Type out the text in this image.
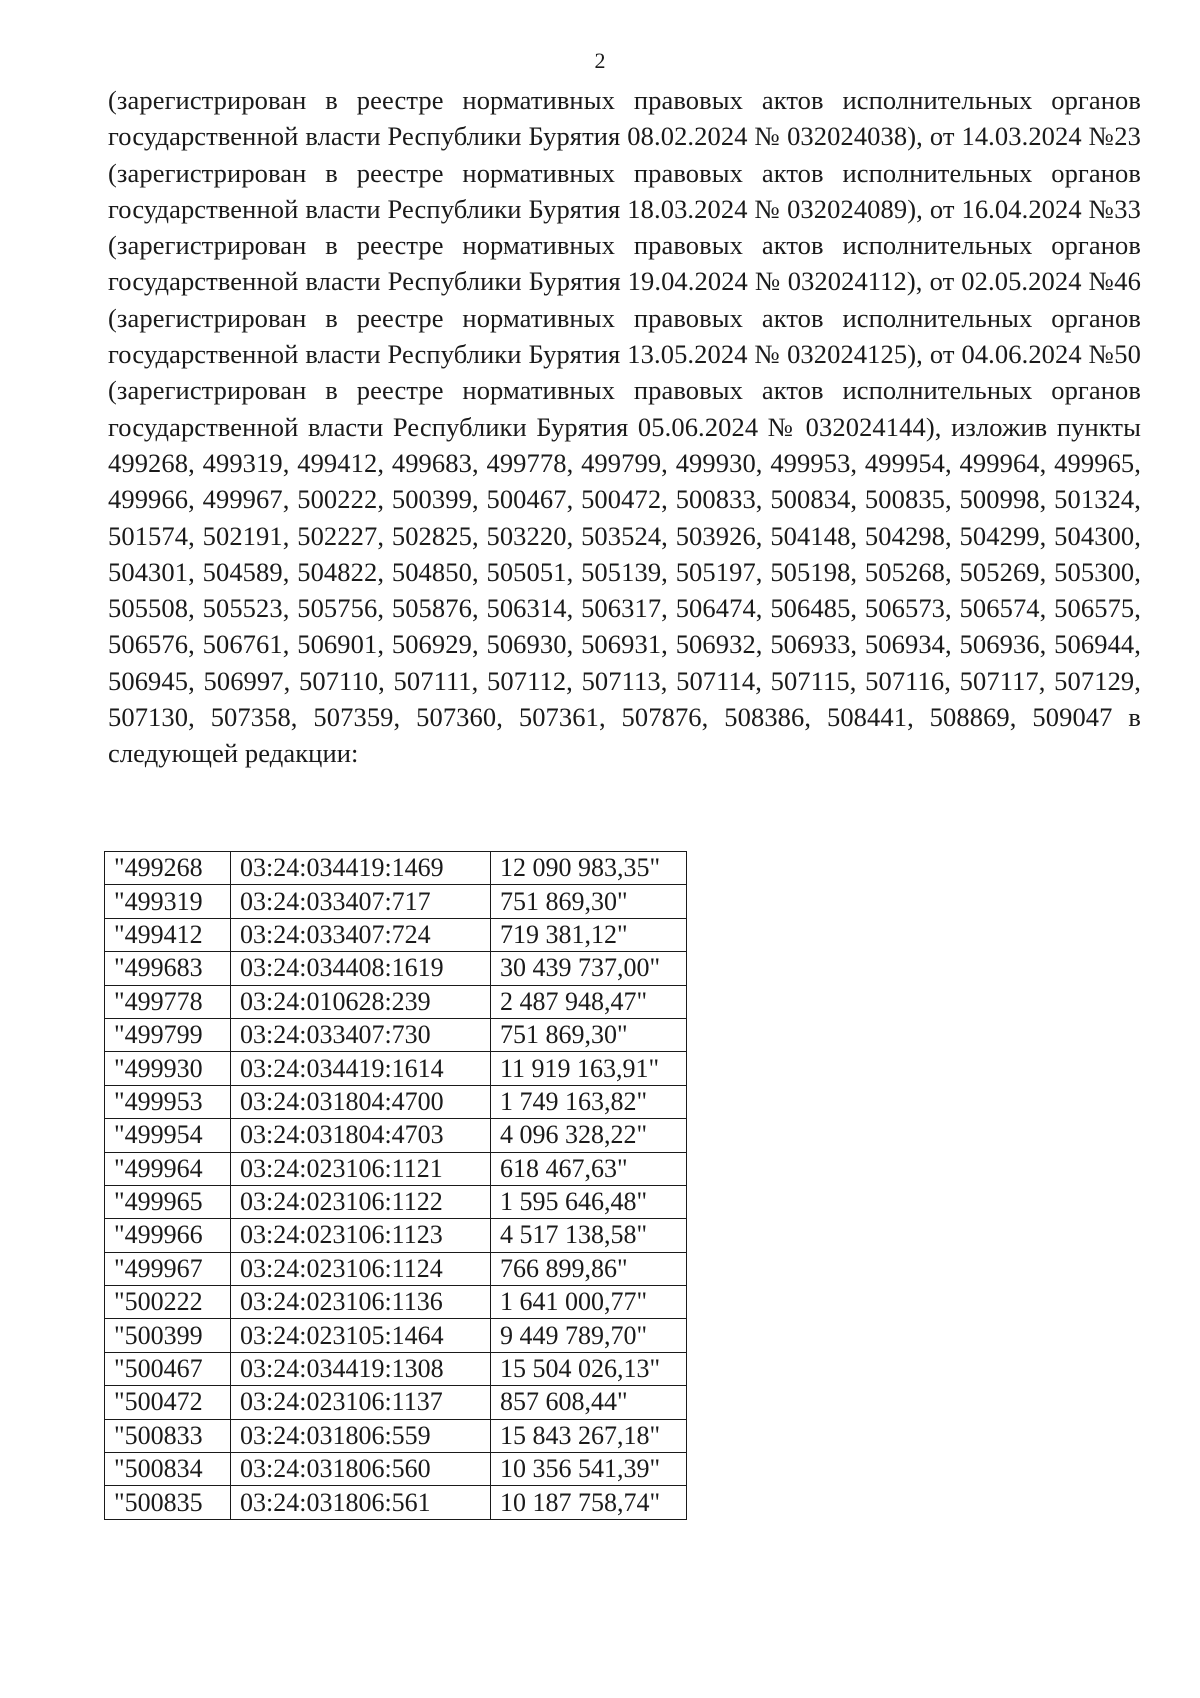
2

(зарегистрирован в реестре нормативных правовых актов исполнительных органов государственной власти Республики Бурятия 08.02.2024 № 032024038), от 14.03.2024 №23 (зарегистрирован в реестре нормативных правовых актов исполнительных органов государственной власти Республики Бурятия 18.03.2024 № 032024089), от 16.04.2024 №33 (зарегистрирован в реестре нормативных правовых актов исполнительных органов государственной власти Республики Бурятия 19.04.2024 № 032024112), от 02.05.2024 №46 (зарегистрирован в реестре нормативных правовых актов исполнительных органов государственной власти Республики Бурятия 13.05.2024 № 032024125), от 04.06.2024 №50 (зарегистрирован в реестре нормативных правовых актов исполнительных органов государственной власти Республики Бурятия 05.06.2024 № 032024144), изложив пункты 499268, 499319, 499412, 499683, 499778, 499799, 499930, 499953, 499954, 499964, 499965, 499966, 499967, 500222, 500399, 500467, 500472, 500833, 500834, 500835, 500998, 501324, 501574, 502191, 502227, 502825, 503220, 503524, 503926, 504148, 504298, 504299, 504300, 504301, 504589, 504822, 504850, 505051, 505139, 505197, 505198, 505268, 505269, 505300, 505508, 505523, 505756, 505876, 506314, 506317, 506474, 506485, 506573, 506574, 506575, 506576, 506761, 506901, 506929, 506930, 506931, 506932, 506933, 506934, 506936, 506944, 506945, 506997, 507110, 507111, 507112, 507113, 507114, 507115, 507116, 507117, 507129, 507130, 507358, 507359, 507360, 507361, 507876, 508386, 508441, 508869, 509047 в следующей редакции:

"499268	03:24:034419:1469	12 090 983,35"
"499319	03:24:033407:717	751 869,30"
"499412	03:24:033407:724	719 381,12"
"499683	03:24:034408:1619	30 439 737,00"
"499778	03:24:010628:239	2 487 948,47"
"499799	03:24:033407:730	751 869,30"
"499930	03:24:034419:1614	11 919 163,91"
"499953	03:24:031804:4700	1 749 163,82"
"499954	03:24:031804:4703	4 096 328,22"
"499964	03:24:023106:1121	618 467,63"
"499965	03:24:023106:1122	1 595 646,48"
"499966	03:24:023106:1123	4 517 138,58"
"499967	03:24:023106:1124	766 899,86"
"500222	03:24:023106:1136	1 641 000,77"
"500399	03:24:023105:1464	9 449 789,70"
"500467	03:24:034419:1308	15 504 026,13"
"500472	03:24:023106:1137	857 608,44"
"500833	03:24:031806:559	15 843 267,18"
"500834	03:24:031806:560	10 356 541,39"
"500835	03:24:031806:561	10 187 758,74"
